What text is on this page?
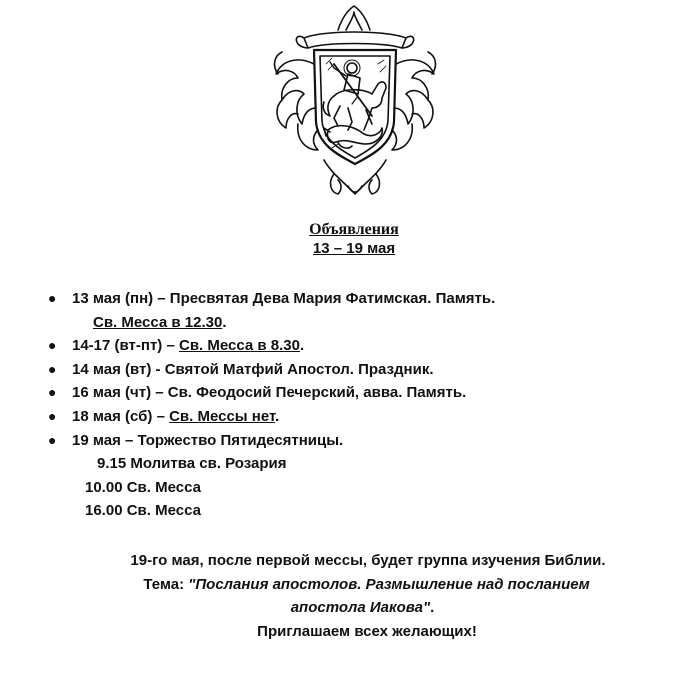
Объявления
13 – 19 мая
● 13 мая (пн) – Пресвятая Дева Мария Фатимская. Память.
Св. Месса в 12.30.
● 14-17 (вт-пт) – Св. Месса в 8.30.
● 14 мая (вт) - Святой Матфий Апостол. Праздник.
● 16 мая (чт) – Св. Феодосий Печерский, авва. Память.
● 18 мая (сб) – Св. Мессы нет.
● 19 мая – Торжество Пятидесятницы.
9.15 Молитва св. Розария
10.00 Св. Месса
16.00 Св. Месса
19-го мая, после первой мессы, будет группа изучения Библии.
Тема: "Послания апостолов. Размышление над посланием
апостола Иакова".
Приглашаем всех желающих!
